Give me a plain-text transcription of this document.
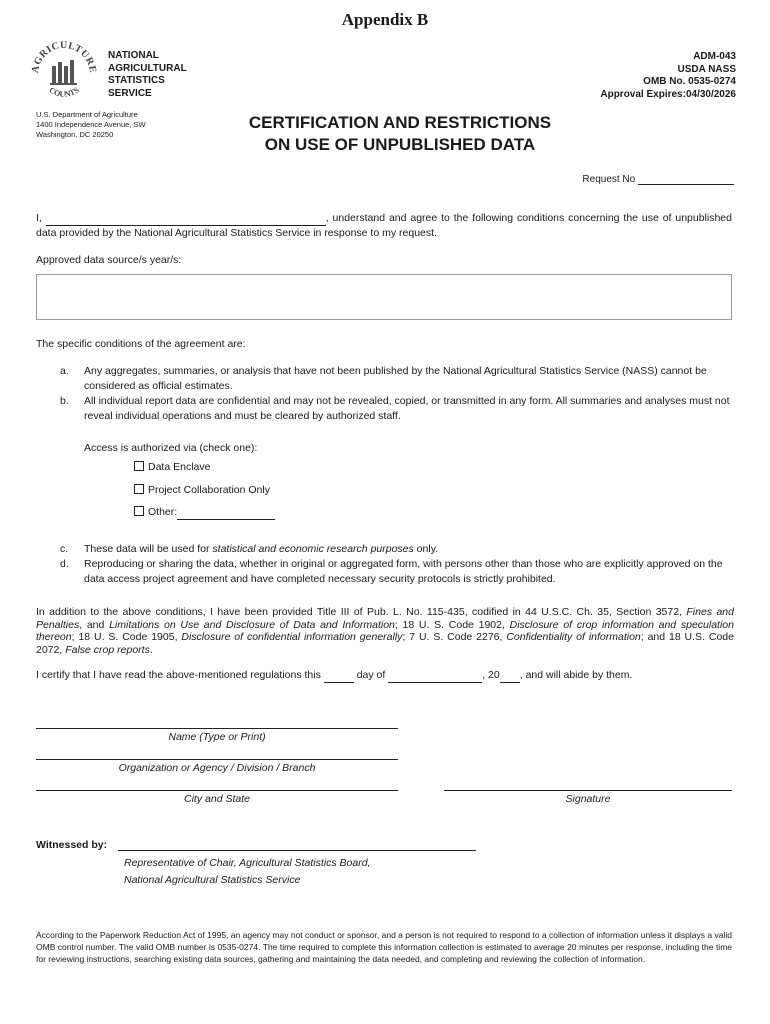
Appendix B
AGRICULTURE
COUNTS
NATIONAL
AGRICULTURAL
STATISTICS
SERVICE
U.S. Department of Agriculture
1400 Independence Avenue, SW
Washington, DC 20250
ADM-043
USDA NASS
OMB No. 0535-0274
Approval Expires:04/30/2026
CERTIFICATION AND RESTRICTIONS
ON USE OF UNPUBLISHED DATA
Request No
I,	, understand and agree to the following conditions concerning the use of unpublished data provided by the National Agricultural Statistics Service in response to my request.
Approved data source/s year/s:
The specific conditions of the agreement are:
a. Any aggregates, summaries, or analysis that have not been published by the National Agricultural Statistics Service (NASS) cannot be considered as official estimates.
b. All individual report data are confidential and may not be revealed, copied, or transmitted in any form. All summaries and analyses must not reveal individual operations and must be cleared by authorized staff.
Access is authorized via (check one):
Data Enclave
Project Collaboration Only
Other:
c. These data will be used for statistical and economic research purposes only.
d. Reproducing or sharing the data, whether in original or aggregated form, with persons other than those who are explicitly approved on the data access project agreement and have completed necessary security protocols is strictly prohibited.
In addition to the above conditions, I have been provided Title III of Pub. L. No. 115-435, codified in 44 U.S.C. Ch. 35, Section 3572, Fines and Penalties, and Limitations on Use and Disclosure of Data and Information; 18 U. S. Code 1902, Disclosure of crop information and speculation thereon; 18 U. S. Code 1905, Disclosure of confidential information generally; 7 U. S. Code 2276, Confidentiality of information; and 18 U.S. Code 2072, False crop reports.
I certify that I have read the above-mentioned regulations this	day of	, 20 , and will abide by them.
Name (Type or Print)
Organization or Agency / Division / Branch
City and State	Signature
Witnessed by:
Representative of Chair, Agricultural Statistics Board,
National Agricultural Statistics Service
According to the Paperwork Reduction Act of 1995, an agency may not conduct or sponsor, and a person is not required to respond to a collection of information unless it displays a valid OMB control number. The valid OMB number is 0535-0274. The time required to complete this information collection is estimated to average 20 minutes per response, including the time for reviewing instructions, searching existing data sources, gathering and maintaining the data needed, and completing and reviewing the collection of information.
